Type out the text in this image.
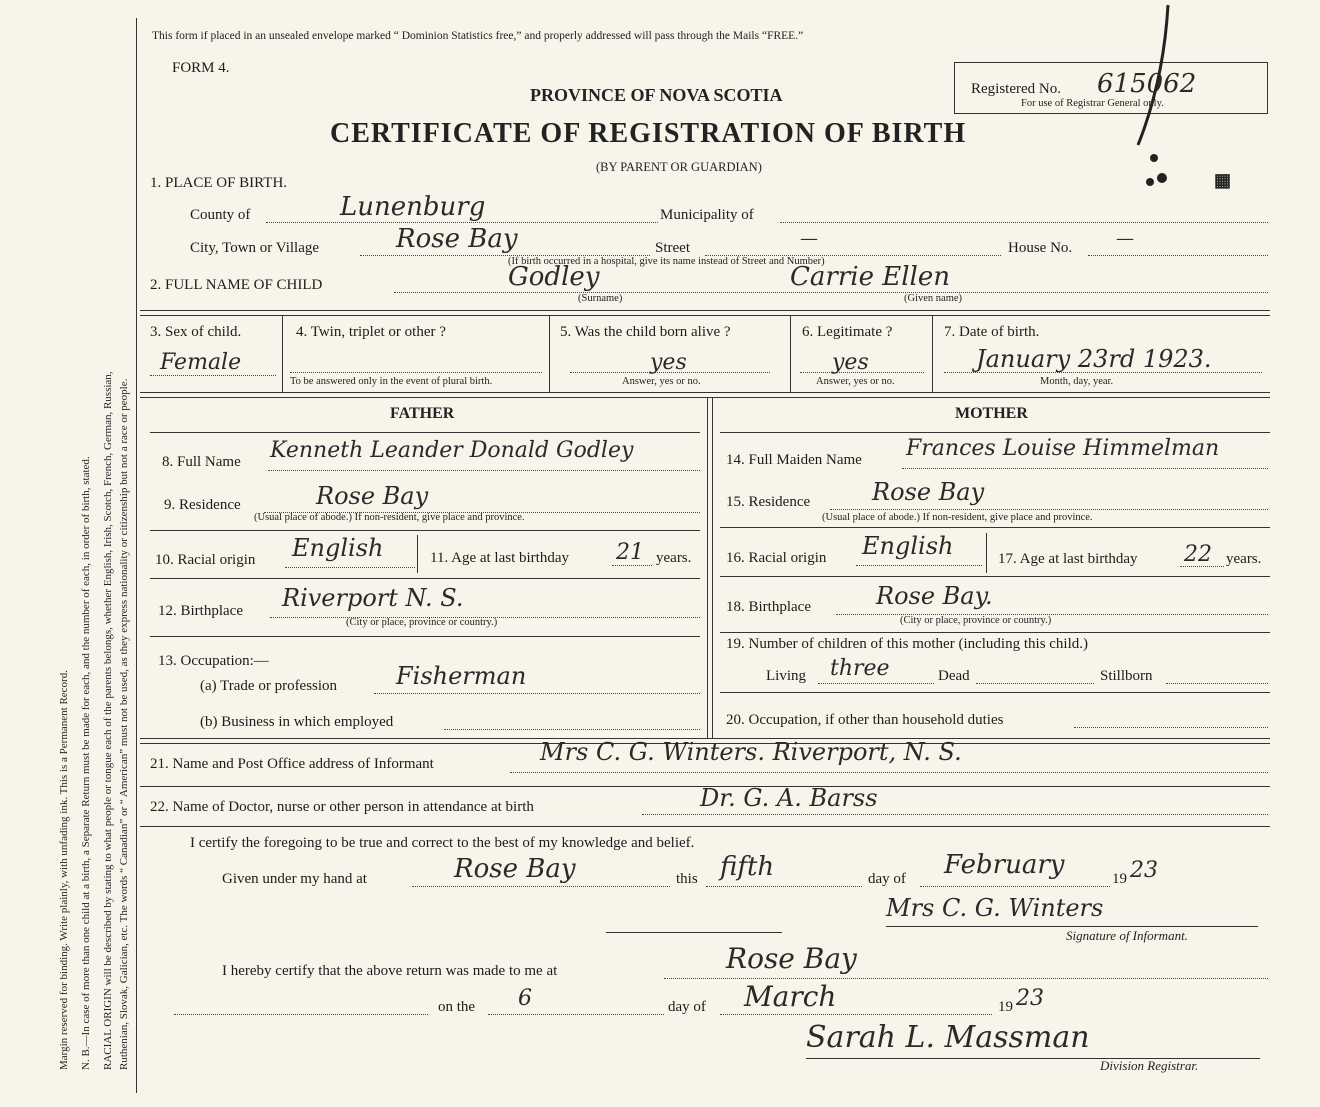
Margin reserved for binding. Write plainly, with unfading ink. This is a Permanent Record. N. B.—In case of more than one child at a birth, a Separate Return must be made for each, and the number of each, in order of birth, stated. RACIAL ORIGIN will be described by stating to what people or tongue each of the parents belongs, whether English, Irish, Scotch, French, German, Russian, Ruthenian, Slovak, Galician, etc. The words “ Canadian” or “ American” must not be used, as they express nationality or citizenship but not a race or people.
This form if placed in an unsealed envelope marked “ Dominion Statistics free,” and properly addressed will pass through the Mails “FREE.”
FORM 4.
PROVINCE OF NOVA SCOTIA
CERTIFICATE OF REGISTRATION OF BIRTH
(BY PARENT OR GUARDIAN)
Registered No. 615062
For use of Registrar General only.
▦
1. PLACE OF BIRTH.
County of	Lunenburg	Municipality of
City, Town or Village	Rose Bay	Street	—	House No. —
(If birth occurred in a hospital, give its name instead of Street and Number)
2. FULL NAME OF CHILD	Godley
(Surname)
Carrie Ellen
(Given name)
3. Sex of child.
Female
4. Twin, triplet or other ?
To be answered only in the event of plural birth.
5. Was the child born alive ?
yes
Answer, yes or no.
6. Legitimate ?
yes
Answer, yes or no.
7. Date of birth.
January 23rd 1923.
Month, day, year.
FATHER	MOTHER
8. Full Name Kenneth Leander Donald Godley
9. Residence	Rose Bay
(Usual place of abode.) If non-resident, give place and province.
10. Racial origin English	11. Age at last birthday 21 years.
12. Birthplace Riverport N. S.
(City or place, province or country.)
13. Occupation:—
(a) Trade or profession Fisherman
(b) Business in which employed
14. Full Maiden Name Frances Louise Himmelman
15. Residence	Rose Bay
(Usual place of abode.) If non-resident, give place and province.
16. Racial origin English	17. Age at last birthday 22 years.
18. Birthplace	Rose Bay.
(City or place, province or country.)
19. Number of children of this mother (including this child.)
Living three	Dead	Stillborn
20. Occupation, if other than household duties
21. Name and Post Office address of Informant	Mrs C. G. Winters. Riverport, N. S.
22. Name of Doctor, nurse or other person in attendance at birth	Dr. G. A. Barss
I certify the foregoing to be true and correct to the best of my knowledge and belief.
Given under my hand at	Rose Bay	this fifth	day of February	19 23
Mrs C. G. Winters
Signature of Informant.
I hereby certify that the above return was made to me at	Rose Bay
on the 6	day of March	19 23
Sarah L. Massman
Division Registrar.
